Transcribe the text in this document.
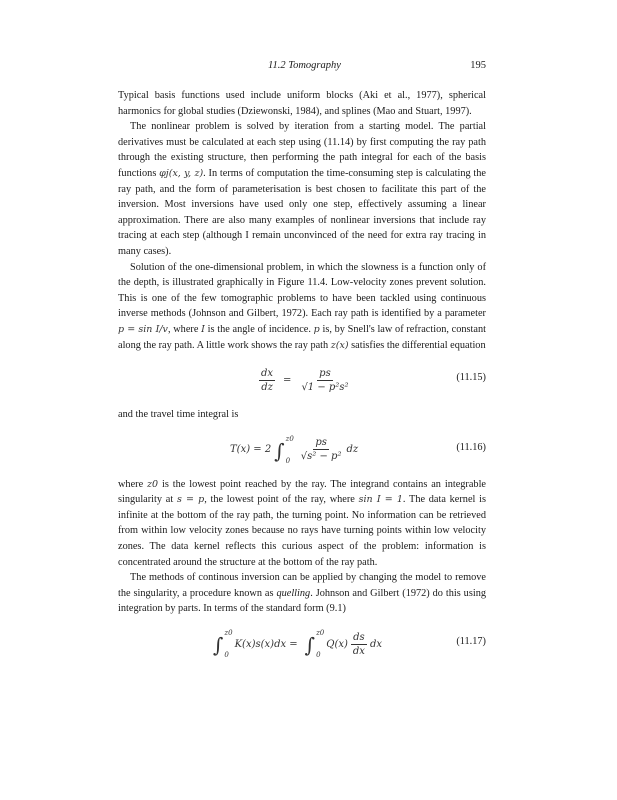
11.2 Tomography	195

Typical basis functions used include uniform blocks (Aki et al., 1977), spherical harmonics for global studies (Dziewonski, 1984), and splines (Mao and Stuart, 1997).

The nonlinear problem is solved by iteration from a starting model. The partial derivatives must be calculated at each step using (11.14) by first computing the ray path through the existing structure, then performing the path integral for each of the basis functions φj(x, y, z). In terms of computation the time-consuming step is calculating the ray path, and the form of parameterisation is best chosen to facilitate this part of the inversion. Most inversions have used only one step, effectively assuming a linear approximation. There are also many examples of nonlinear inversions that include ray tracing at each step (although I remain unconvinced of the need for extra ray tracing in many cases).

Solution of the one-dimensional problem, in which the slowness is a function only of the depth, is illustrated graphically in Figure 11.4. Low-velocity zones prevent solution. This is one of the few tomographic problems to have been tackled using continuous inverse methods (Johnson and Gilbert, 1972). Each ray path is identified by a parameter p = sin I/v, where I is the angle of incidence. p is, by Snell's law of refraction, constant along the ray path. A little work shows the ray path z(x) satisfies the differential equation

$\frac{dx}{dz} = \frac{ps}{\text{√1 − p²s²}}$	(11.15)

and the travel time integral is

T(x) = 2 ∫ z0
$0 \frac{ps}{\text{√s² − p²}}$ dz	(11.16)

where z0 is the lowest point reached by the ray. The integrand contains an integrable singularity at s = p, the lowest point of the ray, where sin I = 1. The data kernel is infinite at the bottom of the ray path, the turning point. No information can be retrieved from within low velocity zones because no rays have turning points within low velocity zones. The data kernel reflects this curious aspect of the problem: information is concentrated around the structure at the bottom of the ray path.

The methods of continous inversion can be applied by changing the model to remove the singularity, a procedure known as quelling. Johnson and Gilbert (1972) do this using integration by parts. In terms of the standard form (9.1)

∫ z0
0
K(x)s(x)dx = ∫ z0
0
$Q(x) \frac{ds}{dx}$ dx	(11.17)
